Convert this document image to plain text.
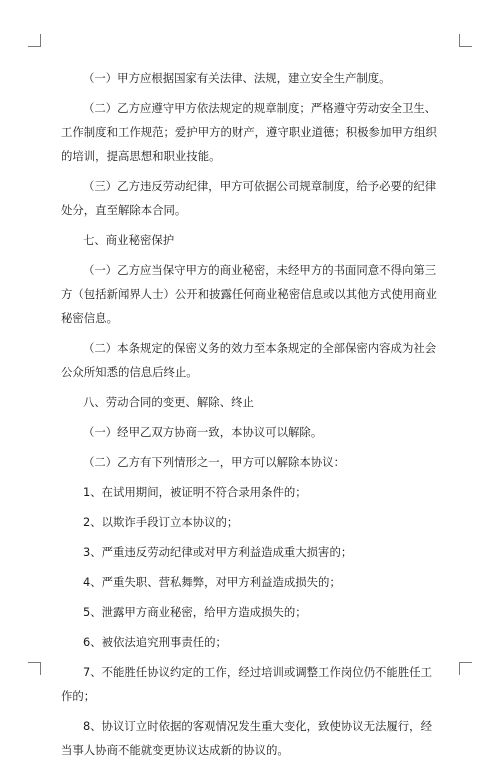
（一）甲方应根据国家有关法律、法规，建立安全生产制度。

（二）乙方应遵守甲方依法规定的规章制度；严格遵守劳动安全卫生、工作制度和工作规范；爱护甲方的财产，遵守职业道德；积极参加甲方组织的培训，提高思想和职业技能。

（三）乙方违反劳动纪律，甲方可依据公司规章制度，给予必要的纪律处分，直至解除本合同。

七、商业秘密保护

（一）乙方应当保守甲方的商业秘密，未经甲方的书面同意不得向第三方（包括新闻界人士）公开和披露任何商业秘密信息或以其他方式使用商业秘密信息。

（二）本条规定的保密义务的效力至本条规定的全部保密内容成为社会公众所知悉的信息后终止。

八、劳动合同的变更、解除、终止

（一）经甲乙双方协商一致，本协议可以解除。

（二）乙方有下列情形之一，甲方可以解除本协议：

1、在试用期间，被证明不符合录用条件的；

2、以欺诈手段订立本协议的；

3、严重违反劳动纪律或对甲方利益造成重大损害的；

4、严重失职、营私舞弊，对甲方利益造成损失的；

5、泄露甲方商业秘密，给甲方造成损失的；

6、被依法追究刑事责任的；

7、不能胜任协议约定的工作，经过培训或调整工作岗位仍不能胜任工作的；

8、协议订立时依据的客观情况发生重大变化，致使协议无法履行，经当事人协商不能就变更协议达成新的协议的。
